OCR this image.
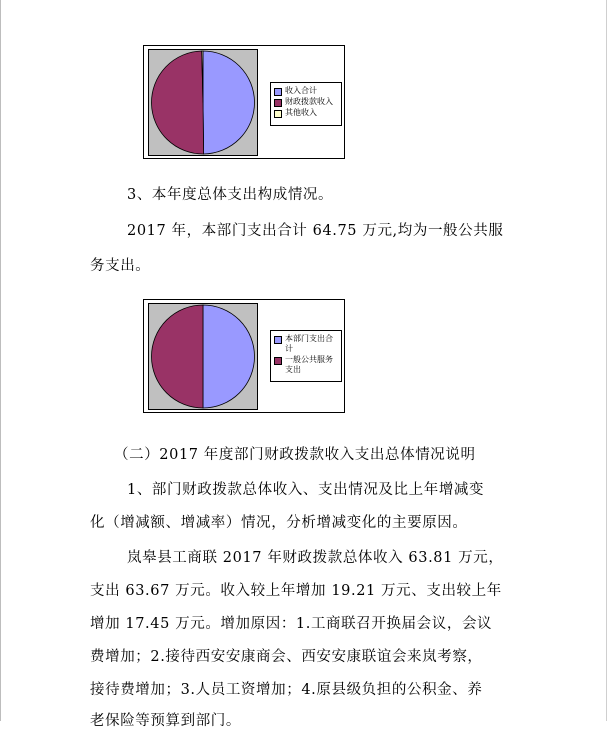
收入合计
财政拨款收入
其他收入
3、本年度总体支出构成情况。
2017 年，本部门支出合计 64.75 万元,均为一般公共服
务支出。
本部门支出合计
一般公共服务支出
（二）2017 年度部门财政拨款收入支出总体情况说明
1、部门财政拨款总体收入、支出情况及比上年增减变
化（增减额、增减率）情况，分析增减变化的主要原因。
岚皋县工商联 2017 年财政拨款总体收入 63.81 万元，
支出 63.67 万元。收入较上年增加 19.21 万元、支出较上年
增加 17.45 万元。增加原因：1.工商联召开换届会议，会议
费增加；2.接待西安安康商会、西安安康联谊会来岚考察，
接待费增加；3.人员工资增加；4.原县级负担的公积金、养
老保险等预算到部门。
